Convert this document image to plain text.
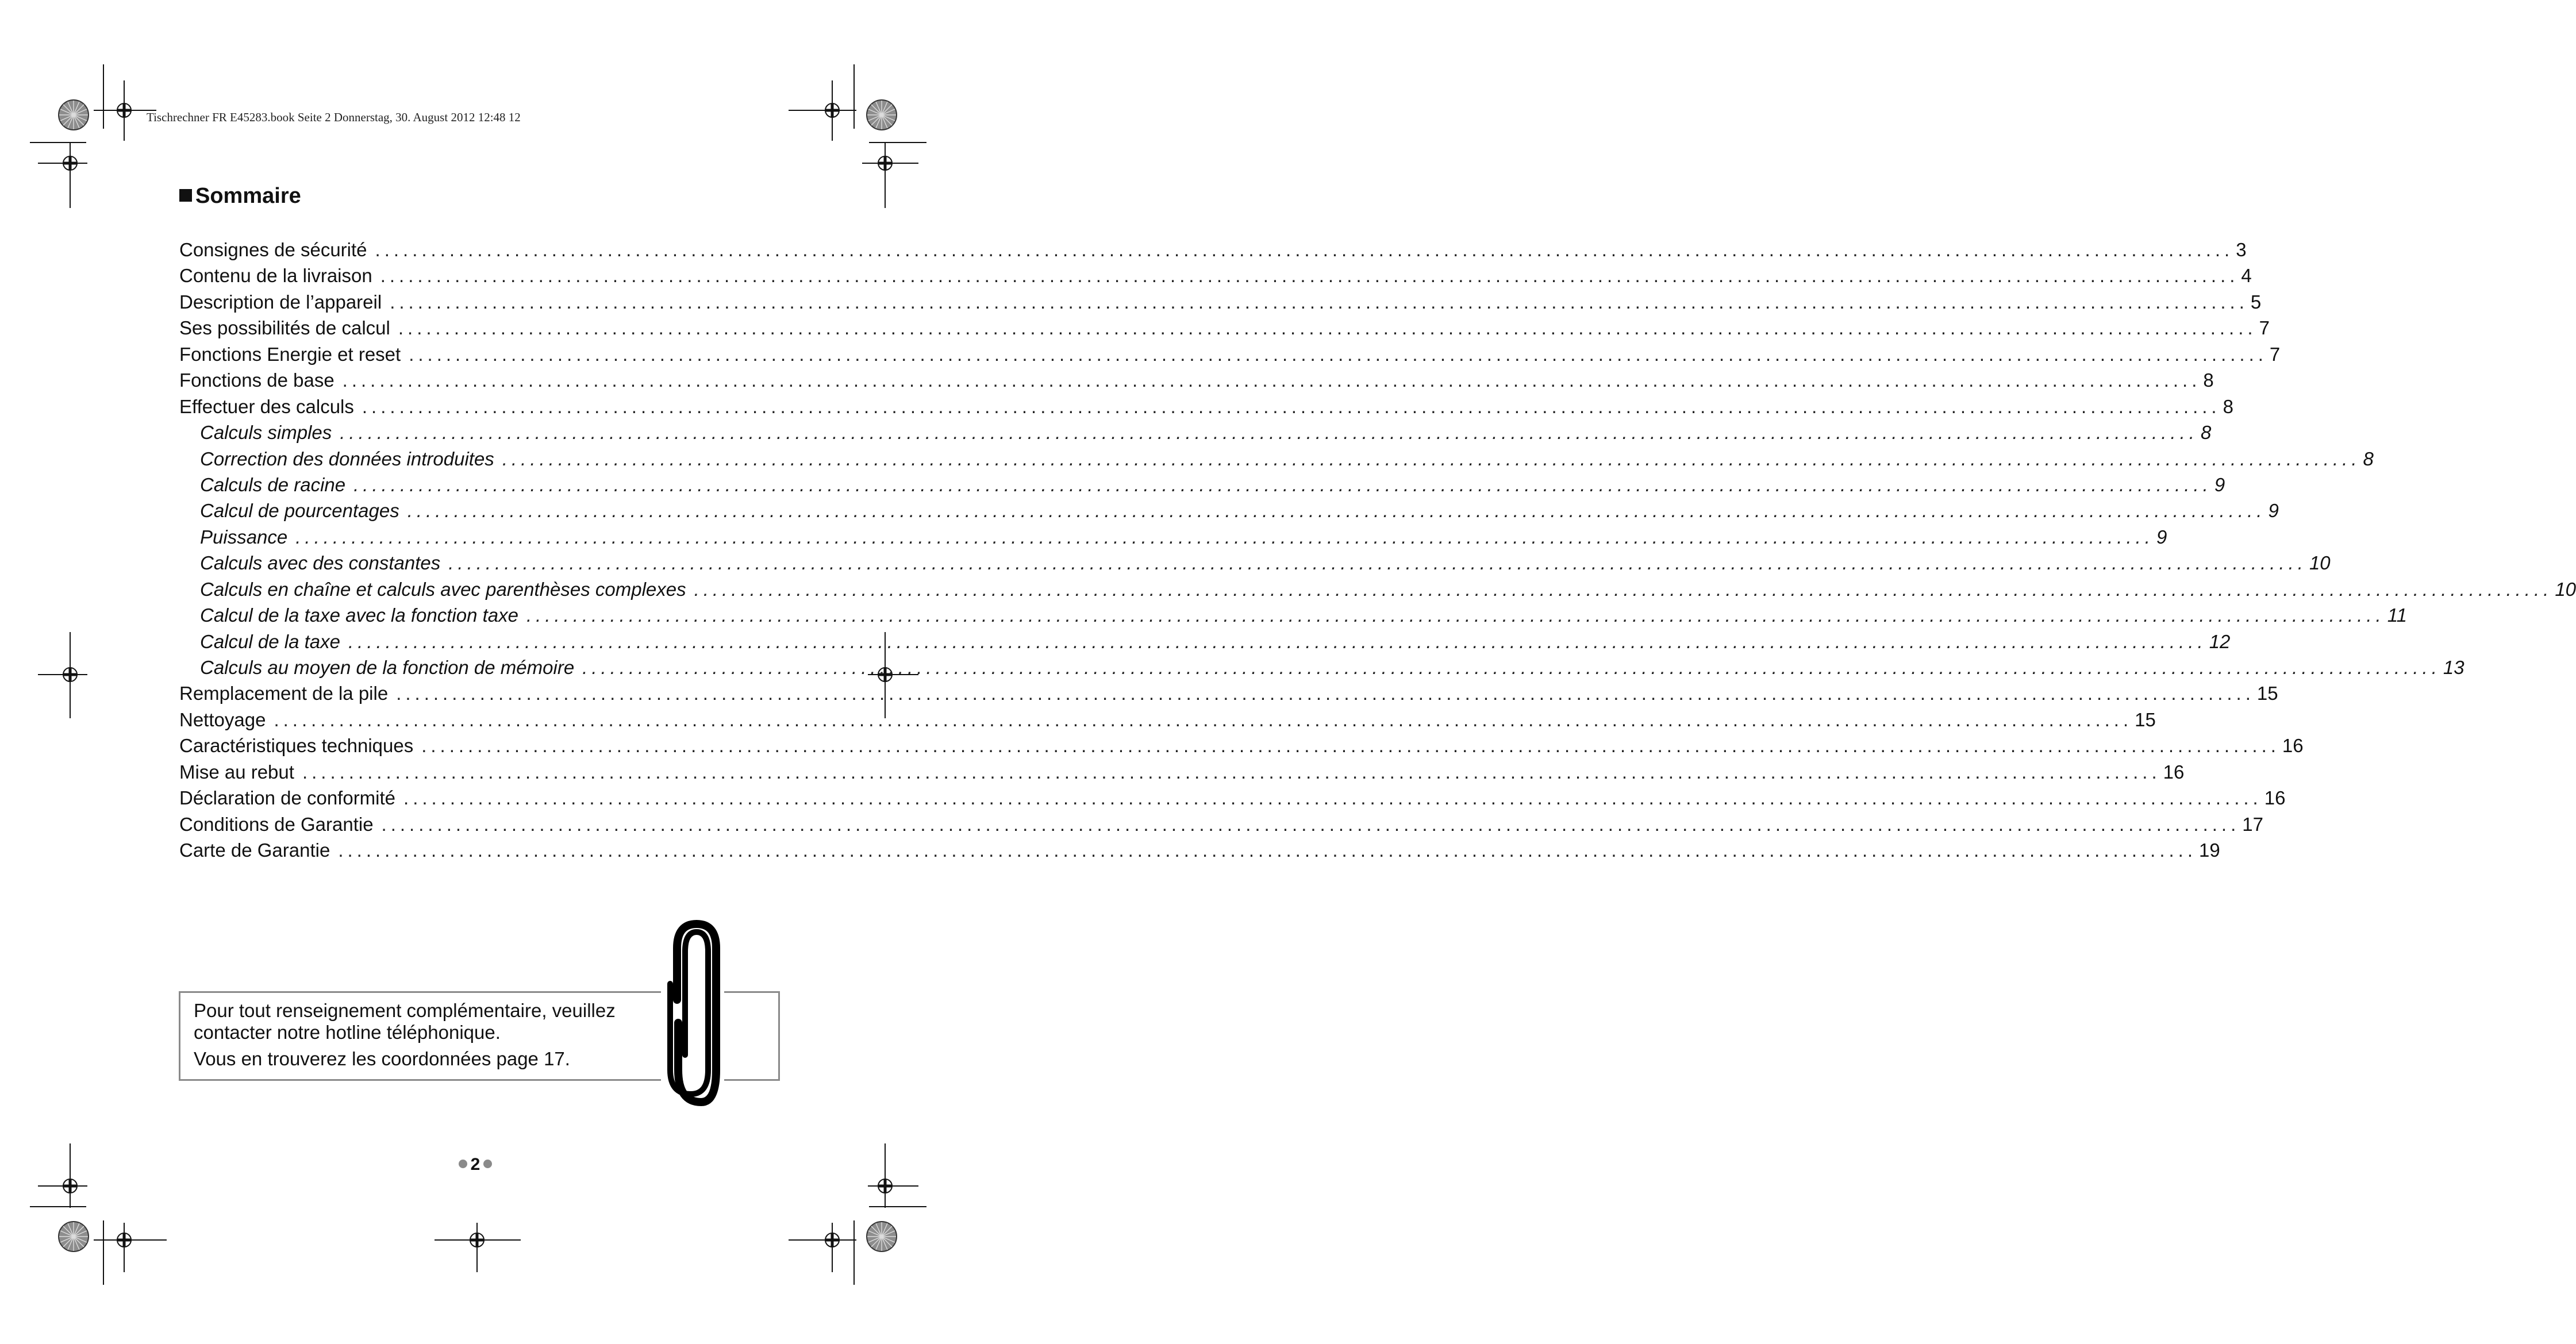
Tischrechner FR E45283.book Seite 2 Donnerstag, 30. August 2012 12:48 12
Sommaire
Consignes de sécurité ........................................................................................................................................................................................................ 3
Contenu de la livraison ........................................................................................................................................................................................................ 4
Description de l’appareil ........................................................................................................................................................................................................ 5
Ses possibilités de calcul ........................................................................................................................................................................................................ 7
Fonctions Energie et reset ........................................................................................................................................................................................................ 7
Fonctions de base ........................................................................................................................................................................................................ 8
Effectuer des calculs ........................................................................................................................................................................................................ 8
Calculs simples ........................................................................................................................................................................................................ 8
Correction des données introduites ........................................................................................................................................................................................................ 8
Calculs de racine ........................................................................................................................................................................................................ 9
Calcul de pourcentages ........................................................................................................................................................................................................ 9
Puissance ........................................................................................................................................................................................................ 9
Calculs avec des constantes ........................................................................................................................................................................................................ 10
Calculs en chaîne et calculs avec parenthèses complexes ........................................................................................................................................................................................................ 10
Calcul de la taxe avec la fonction taxe ........................................................................................................................................................................................................ 11
Calcul de la taxe ........................................................................................................................................................................................................ 12
Calculs au moyen de la fonction de mémoire ........................................................................................................................................................................................................ 13
Remplacement de la pile ........................................................................................................................................................................................................ 15
Nettoyage ........................................................................................................................................................................................................ 15
Caractéristiques techniques ........................................................................................................................................................................................................ 16
Mise au rebut ........................................................................................................................................................................................................ 16
Déclaration de conformité ........................................................................................................................................................................................................ 16
Conditions de Garantie ........................................................................................................................................................................................................ 17
Carte de Garantie ........................................................................................................................................................................................................ 19
Pour tout renseignement complémentaire, veuillez
contacter notre hotline téléphonique.
Vous en trouverez les coordonnées page 17.
2
